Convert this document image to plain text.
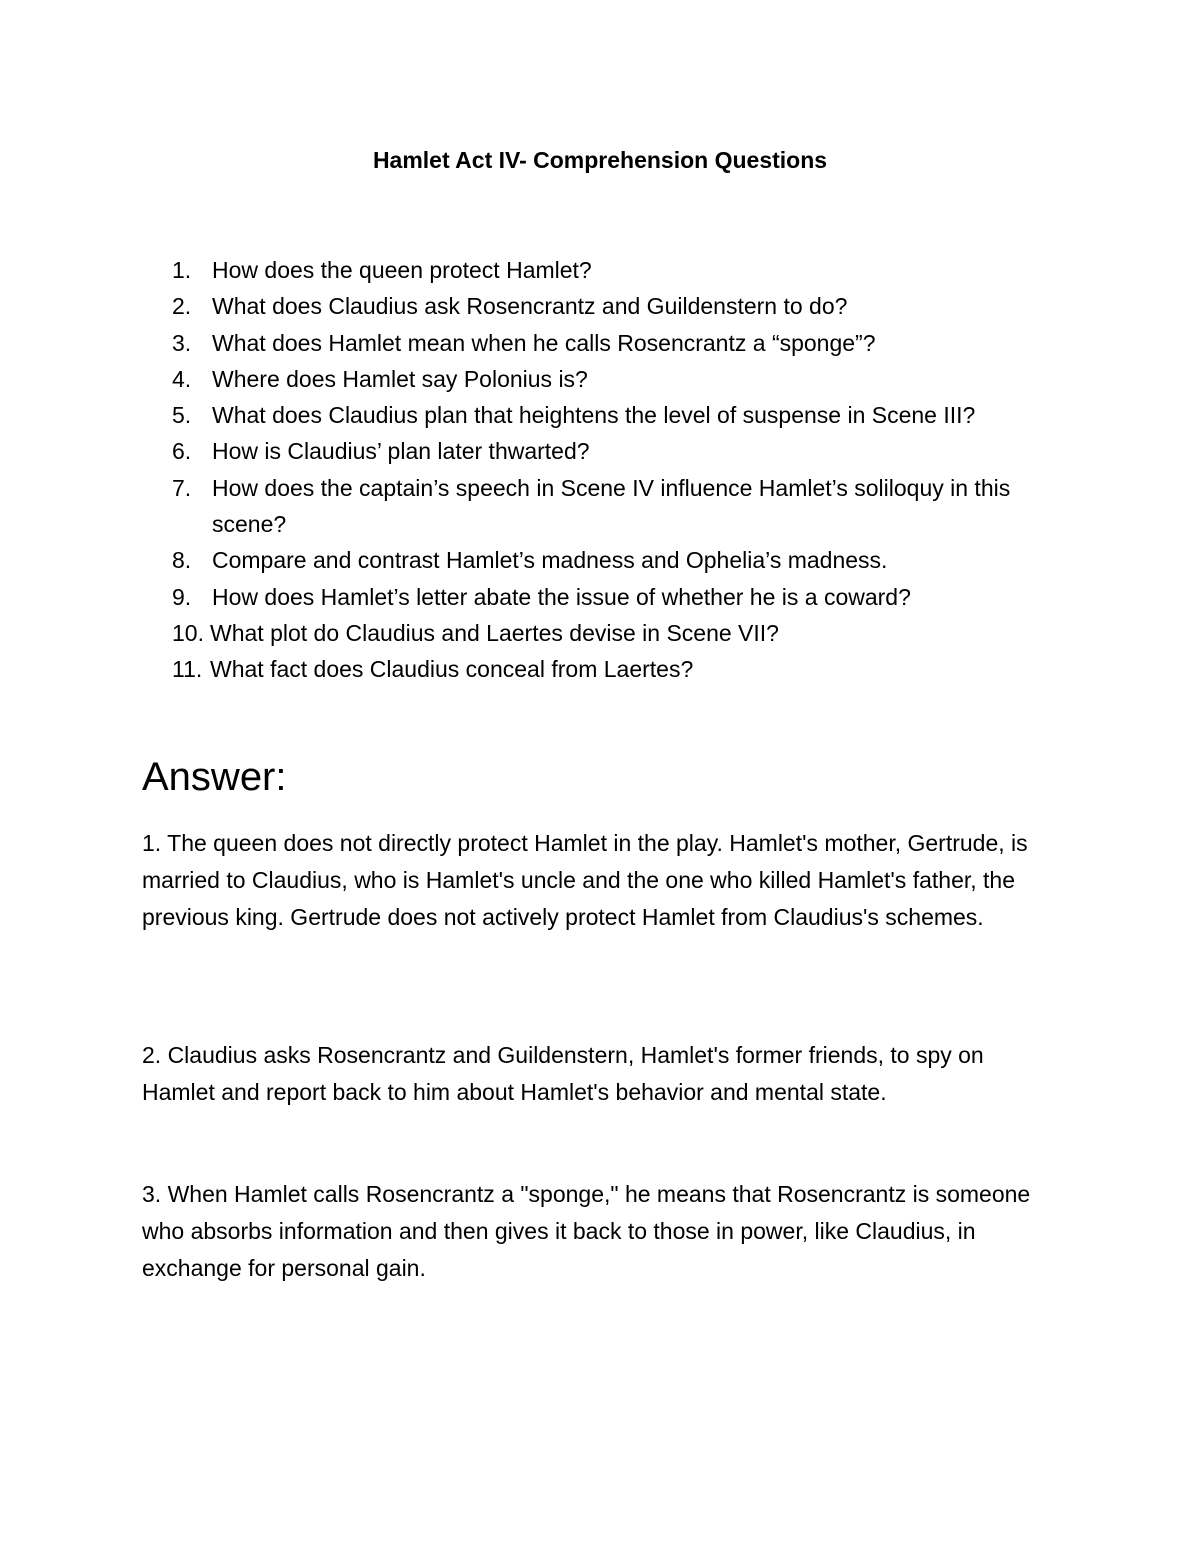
Hamlet Act IV- Comprehension Questions
1. How does the queen protect Hamlet?
2. What does Claudius ask Rosencrantz and Guildenstern to do?
3. What does Hamlet mean when he calls Rosencrantz a “sponge”?
4. Where does Hamlet say Polonius is?
5. What does Claudius plan that heightens the level of suspense in Scene III?
6. How is Claudius’ plan later thwarted?
7. How does the captain’s speech in Scene IV influence Hamlet’s soliloquy in this scene?
8. Compare and contrast Hamlet’s madness and Ophelia’s madness.
9. How does Hamlet’s letter abate the issue of whether he is a coward?
10. What plot do Claudius and Laertes devise in Scene VII?
11. What fact does Claudius conceal from Laertes?
Answer:

1. The queen does not directly protect Hamlet in the play. Hamlet's mother, Gertrude, is married to Claudius, who is Hamlet's uncle and the one who killed Hamlet's father, the previous king. Gertrude does not actively protect Hamlet from Claudius's schemes.

2. Claudius asks Rosencrantz and Guildenstern, Hamlet's former friends, to spy on Hamlet and report back to him about Hamlet's behavior and mental state.

3. When Hamlet calls Rosencrantz a "sponge," he means that Rosencrantz is someone who absorbs information and then gives it back to those in power, like Claudius, in exchange for personal gain.
